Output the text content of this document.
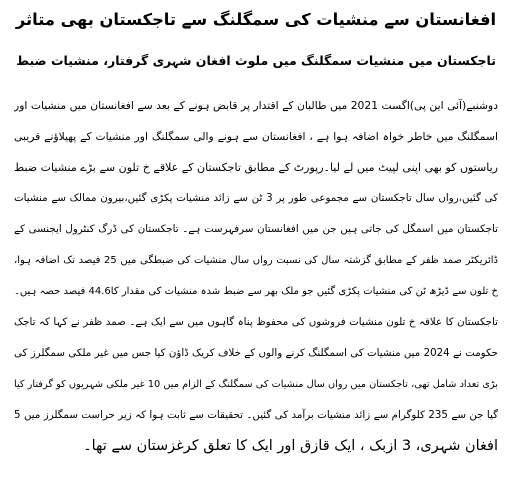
افغانستان سے منشیات کی سمگلنگ سے تاجکستان بھی متاثر
تاجکستان میں منشیات سمگلنگ میں ملوث افغان شہری گرفتار، منشیات ضبط

دوشنبے(آئی این پی)اگست 2021 میں طالبان کے اقتدار پر قابض ہونے کے بعد سے افغانستان میں منشیات اور

اسمگلنگ میں خاطر خواہ اضافہ ہوا ہے ، افغانستان سے ہونے والی سمگلنگ اور منشیات کے پھیلاؤنے قریبی

ریاستوں کو بھی اپنی لپیٹ میں لے لیا۔رپورٹ کے مطابق تاجکستان کے علاقے خ تلون سے بڑے منشیات ضبط

کی گئیں،رواں سال تاجکستان سے مجموعی طور پر 3 ٹن سے زائد منشیات پکڑی گئیں،بیرون ممالک سے منشیات

تاجکستان میں اسمگل کی جاتی ہیں جن میں افغانستان سرفہرست ہے۔ تاجکستان کی ڈرگ کنٹرول ایجنسی کے

ڈائریکٹر صمد ظفر کے مطابق گزشتہ سال کی نسبت رواں سال منشیات کی ضبطگی میں 25 فیصد تک اضافہ ہوا،

خ تلون سے ڈیڑھ ٹن کی منشیات پکڑی گئیں جو ملک بھر سے ضبط شدہ منشیات کی مقدار کا44.6 فیصد حصہ ہیں۔

تاجکستان کا علاقہ خ تلون منشیات فروشوں کی محفوظ پناہ گاہوں میں سے ایک ہے۔ صمد ظفر نے کہا کہ تاجک

حکومت نے 2024 میں منشیات کی اسمگلنگ کرنے والوں کے خلاف کریک ڈاؤن کیا جس میں غیر ملکی سمگلرز کی

بڑی تعداد شامل تھی، تاجکستان میں رواں سال منشیات کی سمگلنگ کے الزام میں 10 غیر ملکی شہریوں کو گرفتار کیا

گیا جن سے 235 کلوگرام سے زائد منشیات برآمد کی گئیں۔ تحقیقات سے ثابت ہوا کہ زیر حراست سمگلرز میں 5

افغان شہری، 3 ازبک ، ایک قازق اور ایک کا تعلق کرغزستان سے تھا۔
